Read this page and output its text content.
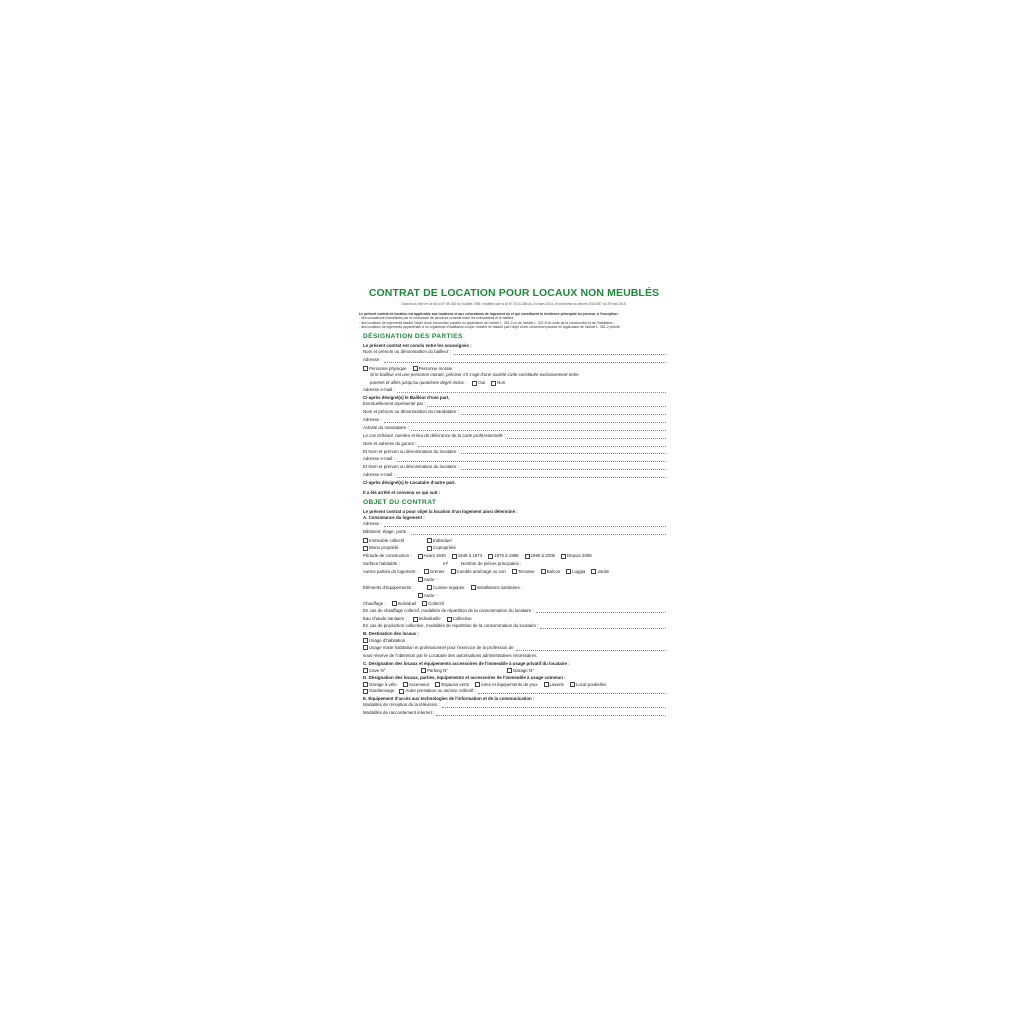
CONTRAT DE LOCATION POUR LOCAUX NON MEUBLÉS
Soumis au titre Ier de la loi N° 89-462 du 6 juillet 1989, modifiée par la loi N° 2014-366 du 24 mars 2014, et conforme au décret 2015-587 du 29 mai 2015.
Le présent contrat de location est applicable aux locations et aux colocations de logement nu et qui constituent la résidence principale du preneur, à l'exception :
- des colocations formalisées par la conclusion de plusieurs contrats entre les colocataires et le bailleur ;
- des locations de logements faisant l'objet d'une convention passée en application de l'article L. 351-2 ou de l'article L. 321-8 du code de la construction et de l'habitation ;
- des locations de logements appartenant à un organisme d'habitation à loyer modéré ne faisant pas l'objet d'une convention passée en application de l'article L. 351-2 précité.
DÉSIGNATION DES PARTIES
Le présent contrat est conclu entre les soussignés :
Nom et prénom ou dénomination du bailleur :
Adresse :
Personne physique	Personne morale
Si le bailleur est une personne morale, préciser s'il s'agit d'une société civile constituée exclusivement entre
parents et alliés jusqu'au quatrième degré inclus :	Oui	Non
Adresse e-mail :
Ci-après désigné(s) le Bailleur d'une part,
Eventuellement représenté par :
Nom et prénom ou dénomination du mandataire :
Adresse :
Activité du mandataire :
Le cas échéant, numéro et lieu de délivrance de la carte professionnelle :
Nom et adresse du garant :
Et Nom et prénom ou dénomination du locataire :
Adresse e-mail :
Et Nom et prénom ou dénomination du locataire :
Adresse e-mail :
Ci-après désigné(s) le Locataire d'autre part.
Il a été arrêté et convenu ce qui suit :
OBJET DU CONTRAT
Le présent contrat a pour objet la location d'un logement ainsi déterminé :
A. Consistance du logement :
Adresse :
Bâtiment, étage, porte :
Immeuble collectif	Individuel
Mono propriété	Copropriété
Période de construction :	Avant 1949	1949 à 1974	1975 à 1989	1990 à 2005	Depuis 2005
Surface habitable :	m²	Nombre de pièces principales :
Autres parties du logement :	Grenier	Comble aménagé ou non	Terrasse	Balcon	Loggia	Jardin
Autre :
Éléments d'équipements :	Cuisine équipée	Installations sanitaires :
Autre :
Chauffage :	Individuel	Collectif
En cas de chauffage collectif, modalités de répartition de la consommation du locataire :
Eau chaude sanitaire :	Individuelle	Collective
En cas de production collective, modalités de répartition de la consommation du locataire :
B. Destination des locaux :
Usage d'habitation
Usage mixte habitation et professionnel pour l'exercice de la profession de
sous réserve de l'obtention par le Locataire des autorisations administratives nécessaires.
C. Désignation des locaux et équipements accessoires de l'immeuble à usage privatif du locataire :
Cave N°	Parking N°	Garage N°
D. Désignation des locaux, parties, équipements et accessoires de l'immeuble à usage commun :
Garage à vélo	Ascenseur	Espaces verts	Aires et équipements de jeux	Laverie	Local poubelles
Gardiennage	Autre prestation ou service collectif :
E. Équipement d'accès aux technologies de l'information et de la communication :
Modalités de réception de la télévision :
Modalités de raccordement internet :
